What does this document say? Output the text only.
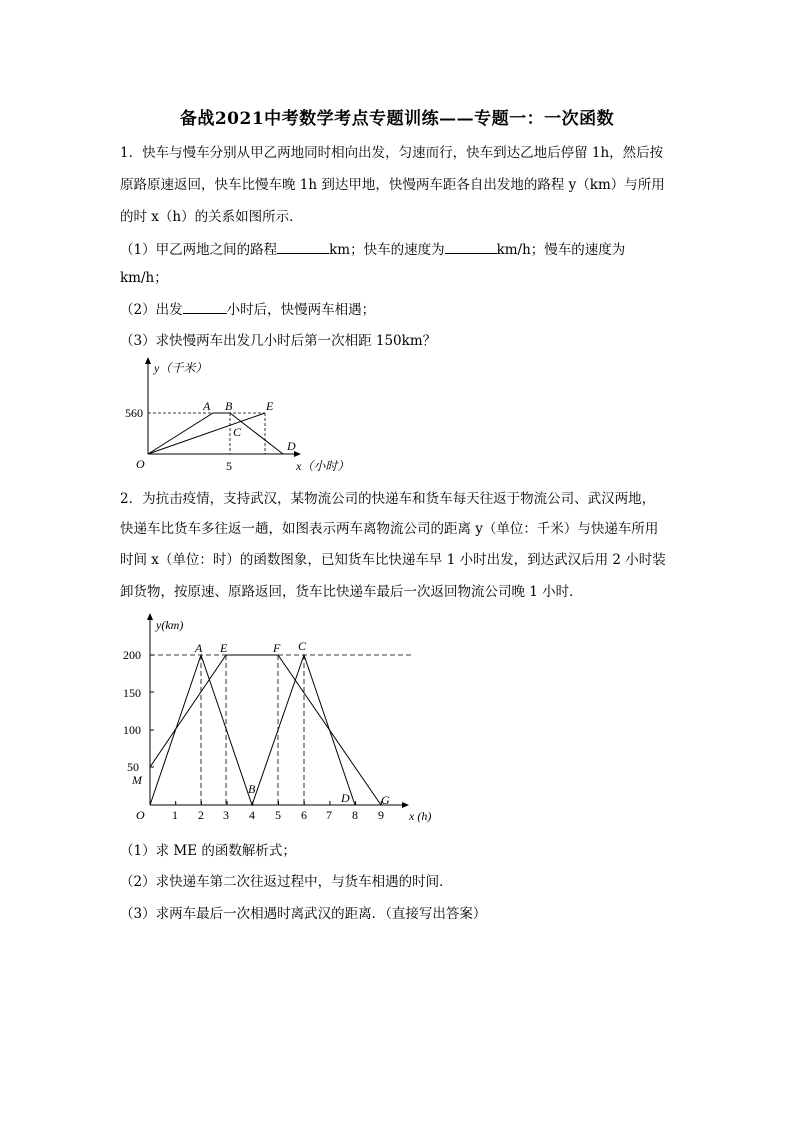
备战2021中考数学考点专题训练——专题一：一次函数
1．快车与慢车分别从甲乙两地同时相向出发，匀速而行，快车到达乙地后停留 1h，然后按
原路原速返回，快车比慢车晚 1h 到达甲地，快慢两车距各自出发地的路程 y（km）与所用
的时 x（h）的关系如图所示．
（1）甲乙两地之间的路程	km；快车的速度为	km/h；慢车的速度为
km/h；
（2）出发	小时后，快慢两车相遇；
（3）求快慢两车出发几小时后第一次相距 150km？
y（千米）
x（小时）
O
560
5
A B
C
D
E
2．为抗击疫情，支持武汉，某物流公司的快递车和货车每天往返于物流公司、武汉两地，
快递车比货车多往返一趟，如图表示两车离物流公司的距离 y（单位：千米）与快递车所用
时间 x（单位：时）的函数图象，已知货车比快递车早 1 小时出发，到达武汉后用 2 小时装
卸货物，按原速、原路返回，货车比快递车最后一次返回物流公司晚 1 小时．
y(km)
x (h)
O
50
100
150
200
1 2 3 4 5 6 7 8 9
A E	F C
B
D	G
M
（1）求 ME 的函数解析式；
（2）求快递车第二次往返过程中，与货车相遇的时间．
（3）求两车最后一次相遇时离武汉的距离．（直接写出答案）
